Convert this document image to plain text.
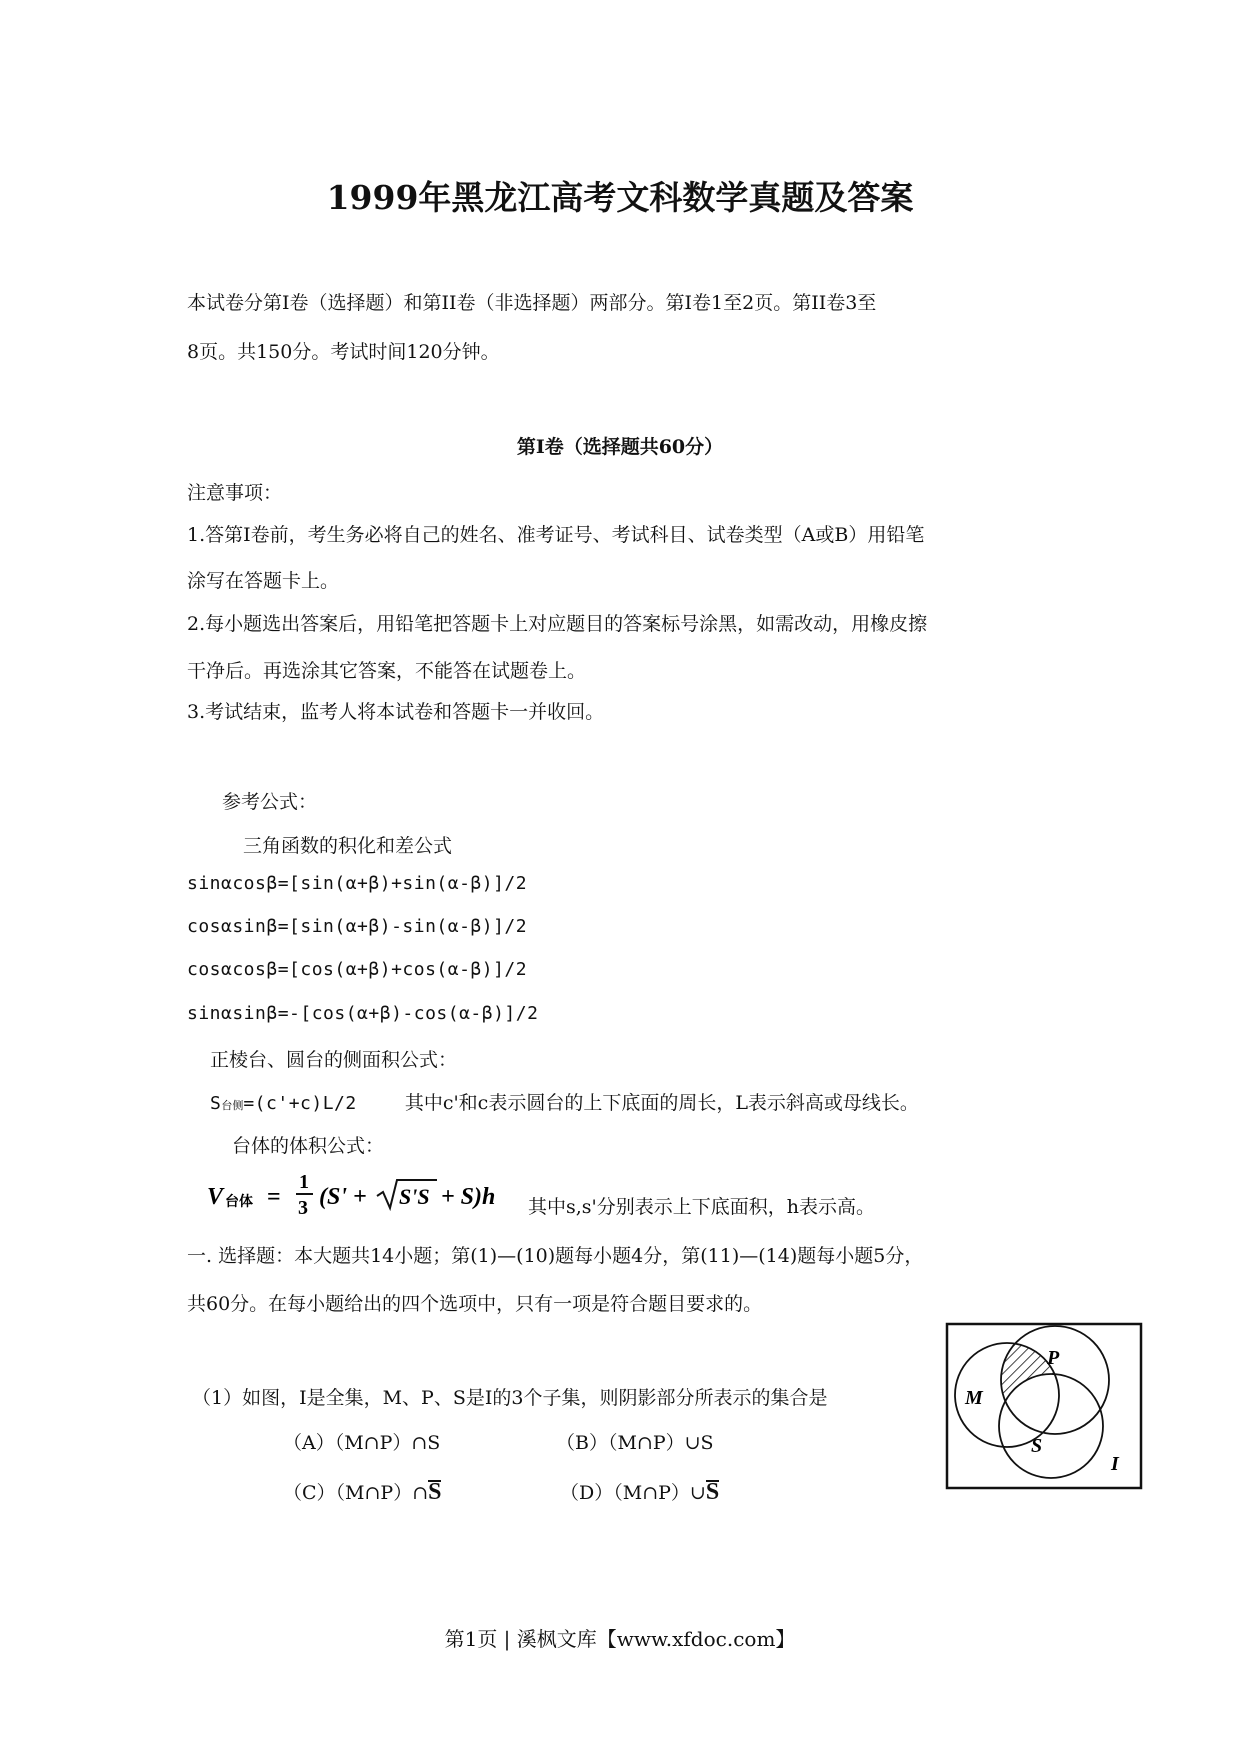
1999年黑龙江高考文科数学真题及答案
本试卷分第Ⅰ卷（选择题）和第II卷（非选择题）两部分。第Ⅰ卷1至2页。第II卷3至
8页。共150分。考试时间120分钟。
第Ⅰ卷（选择题共60分）
注意事项：
1.答第Ⅰ卷前，考生务必将自己的姓名、准考证号、考试科目、试卷类型（A或B）用铅笔
涂写在答题卡上。
2.每小题选出答案后，用铅笔把答题卡上对应题目的答案标号涂黑，如需改动，用橡皮擦
干净后。再选涂其它答案，不能答在试题卷上。
3.考试结束，监考人将本试卷和答题卡一并收回。
参考公式：
三角函数的积化和差公式
sinαcosβ=[sin(α+β)+sin(α-β)]/2
cosαsinβ=[sin(α+β)-sin(α-β)]/2
cosαcosβ=[cos(α+β)+cos(α-β)]/2
sinαsinβ=-[cos(α+β)-cos(α-β)]/2
正棱台、圆台的侧面积公式：
S台侧=(c'+c)L/2	其中c'和c表示圆台的上下底面的周长，L表示斜高或母线长。
台体的体积公式：
V 台体 =
1
3 (S' + S'S + S)h 其中s,s'分别表示上下底面积，h表示高。
一. 选择题：本大题共14小题；第(1)—(10)题每小题4分，第(11)—(14)题每小题5分，
共60分。在每小题给出的四个选项中，只有一项是符合题目要求的。
（1）如图，I是全集，M、P、S是I的3个子集，则阴影部分所表示的集合是
（A）（M∩P）∩S	（B）（M∩P）∪S
（C）（M∩P）∩S	（D）（M∩P）∪S
M
P
S
I
第1页 | 溪枫文库【www.xfdoc.com】
